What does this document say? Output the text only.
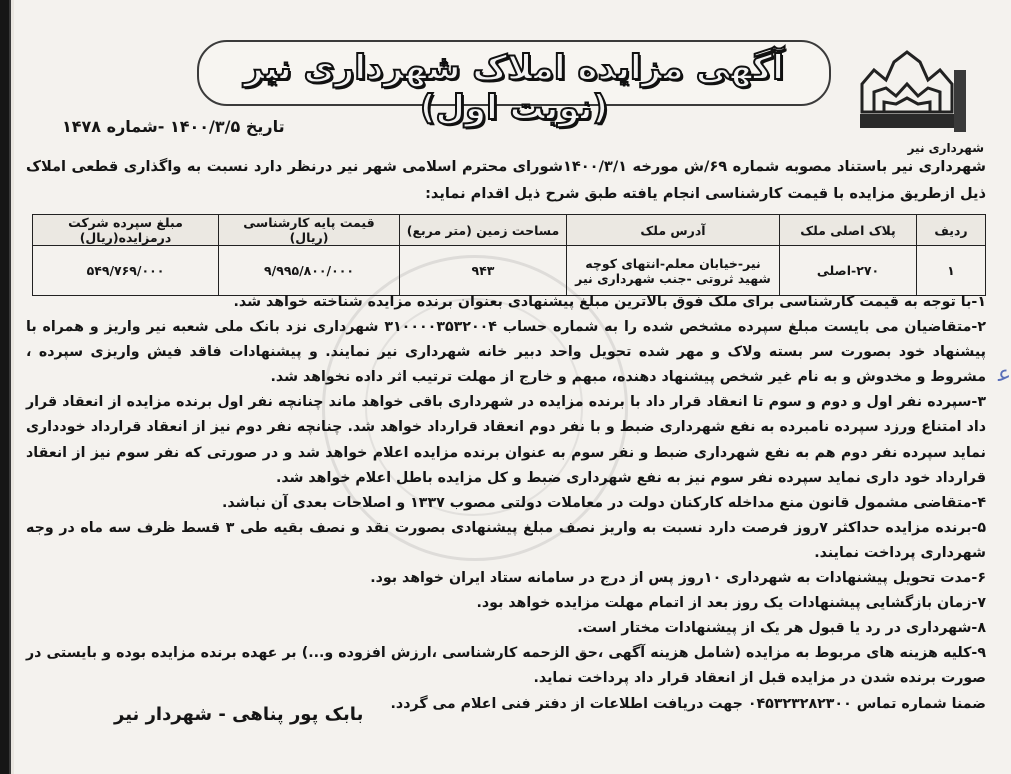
آگهی مزایده املاک شهرداری نیر (نوبت اول)
شهرداری نیر
تاریخ ۱۴۰۰/۳/۵ -شماره ۱۴۷۸
شهرداری نیر باستناد مصوبه شماره ۶۹/ش مورخه ۱۴۰۰/۳/۱شورای محترم اسلامی شهر نیر درنظر دارد نسبت به واگذاری قطعی املاک ذیل ازطریق مزایده با قیمت کارشناسی انجام یافته طبق شرح ذیل اقدام نماید:
ردیف	پلاک اصلی ملک	آدرس ملک	مساحت زمین (متر مربع)	قیمت پایه کارشناسی (ریال)	مبلغ سپرده شرکت درمزایده(ریال)
۱	۲۷۰-اصلی	نیر-خیابان معلم-انتهای کوچه شهید ثروتی -جنب شهرداری نیر	۹۴۳	۹/۹۹۵/۸۰۰/۰۰۰	۵۴۹/۷۶۹/۰۰۰
۱-با توجه به قیمت کارشناسی برای ملک فوق بالاترین مبلغ پیشنهادی بعنوان برنده مزایده شناخته خواهد شد.
۲-متقاضیان می بایست مبلغ سپرده مشخص شده را به شماره حساب ۳۱۰۰۰۰۳۵۳۲۰۰۴ شهرداری نزد بانک ملی شعبه نیر واریز و همراه با پیشنهاد خود بصورت سر بسته ولاک و مهر شده تحویل واحد دبیر خانه شهرداری نیر نمایند. و پیشنهادات فاقد فیش واریزی سپرده ، مشروط و مخدوش و به نام غیر شخص پیشنهاد دهنده، مبهم و خارج از مهلت ترتیب اثر داده نخواهد شد.
۳-سپرده نفر اول و دوم و سوم تا انعقاد قرار داد با برنده مزایده در شهرداری باقی خواهد ماند چنانچه نفر اول برنده مزایده از انعقاد قرار داد امتناع ورزد سپرده نامبرده به نفع شهرداری ضبط و با نفر دوم انعقاد قرارداد خواهد شد. چنانچه نفر دوم نیز از انعقاد قرارداد خودداری نماید سپرده نفر دوم هم به نفع شهرداری ضبط و نفر سوم به عنوان برنده مزایده اعلام خواهد شد و در صورتی که نفر سوم نیز از انعقاد قرارداد خود داری نماید سپرده نفر سوم نیز به نفع شهرداری ضبط و کل مزایده باطل اعلام خواهد شد.
۴-متقاضی مشمول قانون منع مداخله کارکنان دولت در معاملات دولتی مصوب ۱۳۳۷ و اصلاحات بعدی آن نباشد.
۵-برنده مزایده حداکثر ۷روز فرصت دارد نسبت به واریز نصف مبلغ پیشنهادی بصورت نقد و نصف بقیه طی ۳ قسط ظرف سه ماه در وجه شهرداری پرداخت نمایند.
۶-مدت تحویل پیشنهادات به شهرداری ۱۰روز پس از درج در سامانه ستاد ایران خواهد بود.
۷-زمان بازگشایی پیشنهادات یک روز بعد از اتمام مهلت مزایده خواهد بود.
۸-شهرداری در رد یا قبول هر یک از پیشنهادات مختار است.
۹-کلیه هزینه های مربوط به مزایده (شامل هزینه آگهی ،حق الزحمه کارشناسی ،ارزش افزوده و...) بر عهده برنده مزایده بوده و بایستی در صورت برنده شدن در مزایده قبل از انعقاد قرار داد پرداخت نماید.
ضمنا شماره تماس ۰۴۵۳۲۳۲۸۲۳۰۰ جهت دریافت اطلاعات از دفتر فنی اعلام می گردد.
بابک پور پناهی - شهردار نیر
ﻋ
